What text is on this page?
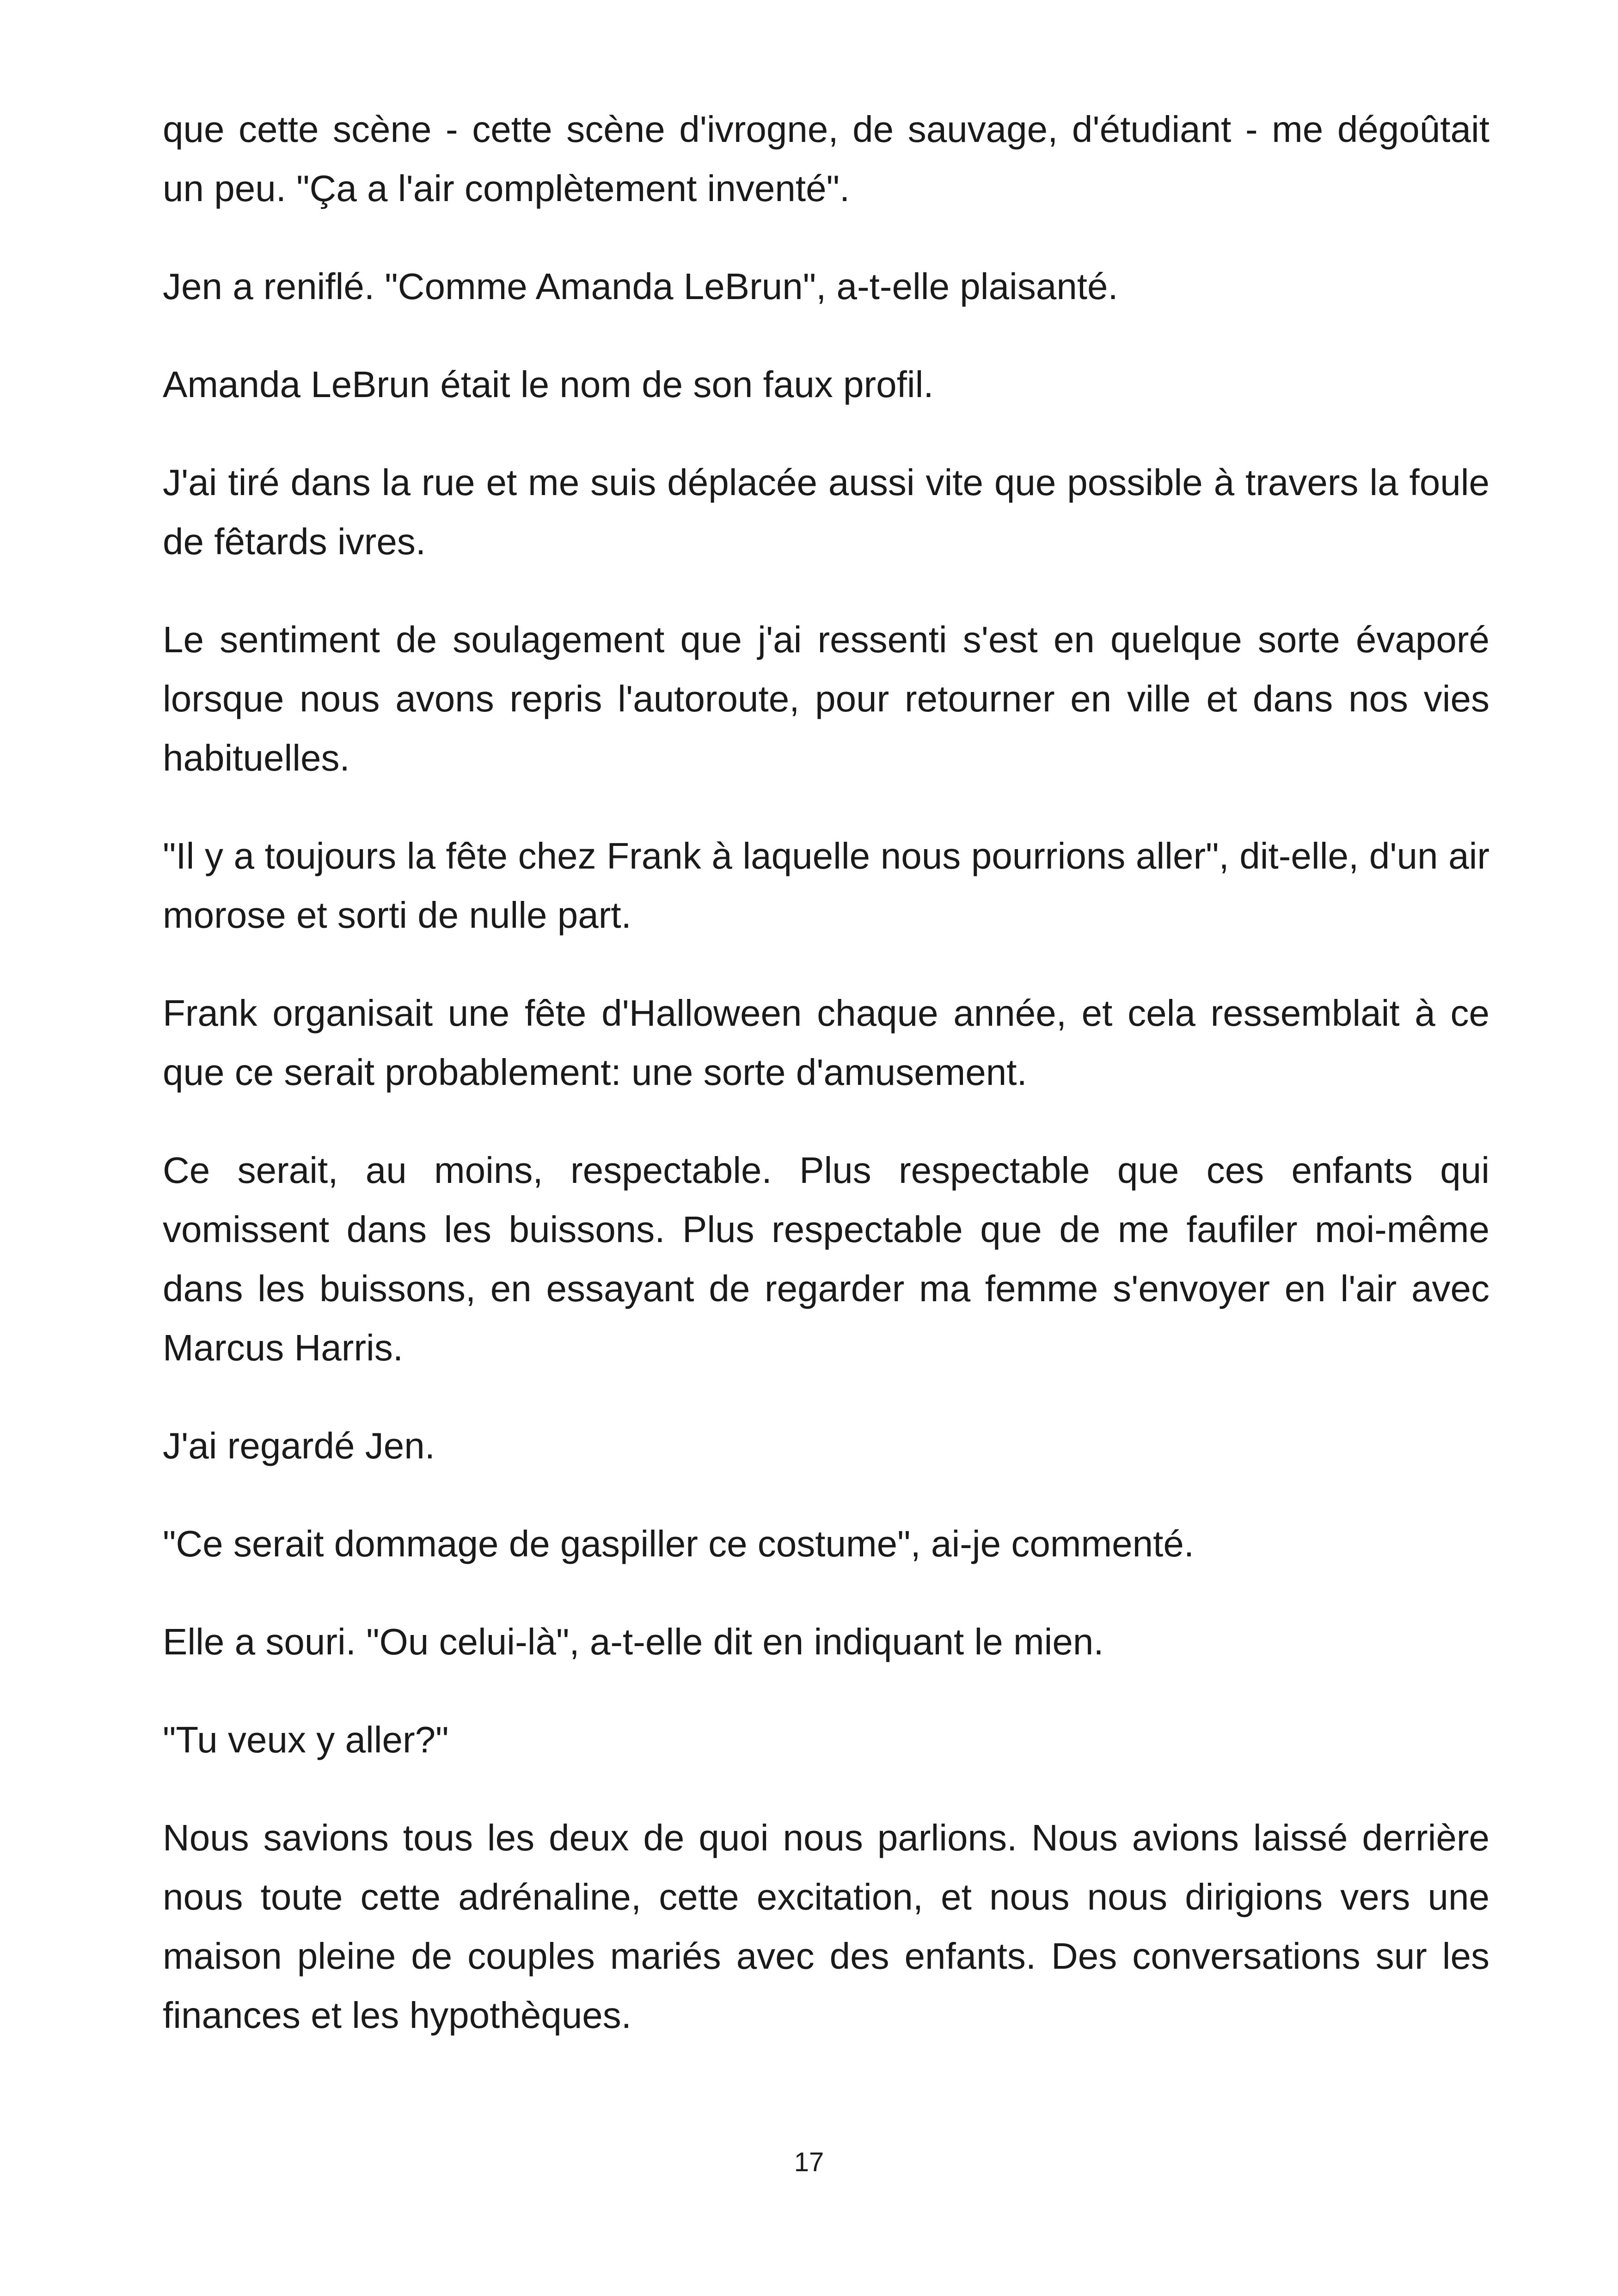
que cette scène - cette scène d'ivrogne, de sauvage, d'étudiant - me dégoûtait un peu. "Ça a l'air complètement inventé".

Jen a reniflé. "Comme Amanda LeBrun", a-t-elle plaisanté.

Amanda LeBrun était le nom de son faux profil.

J'ai tiré dans la rue et me suis déplacée aussi vite que possible à travers la foule de fêtards ivres.

Le sentiment de soulagement que j'ai ressenti s'est en quelque sorte évaporé lorsque nous avons repris l'autoroute, pour retourner en ville et dans nos vies habituelles.

"Il y a toujours la fête chez Frank à laquelle nous pourrions aller", dit-elle, d'un air morose et sorti de nulle part.

Frank organisait une fête d'Halloween chaque année, et cela ressemblait à ce que ce serait probablement: une sorte d'amusement.

Ce serait, au moins, respectable. Plus respectable que ces enfants qui vomissent dans les buissons. Plus respectable que de me faufiler moi-même dans les buissons, en essayant de regarder ma femme s'envoyer en l'air avec Marcus Harris.

J'ai regardé Jen.

"Ce serait dommage de gaspiller ce costume", ai-je commenté.

Elle a souri. "Ou celui-là", a-t-elle dit en indiquant le mien.

"Tu veux y aller?"

Nous savions tous les deux de quoi nous parlions. Nous avions laissé derrière nous toute cette adrénaline, cette excitation, et nous nous dirigions vers une maison pleine de couples mariés avec des enfants. Des conversations sur les finances et les hypothèques.

17
